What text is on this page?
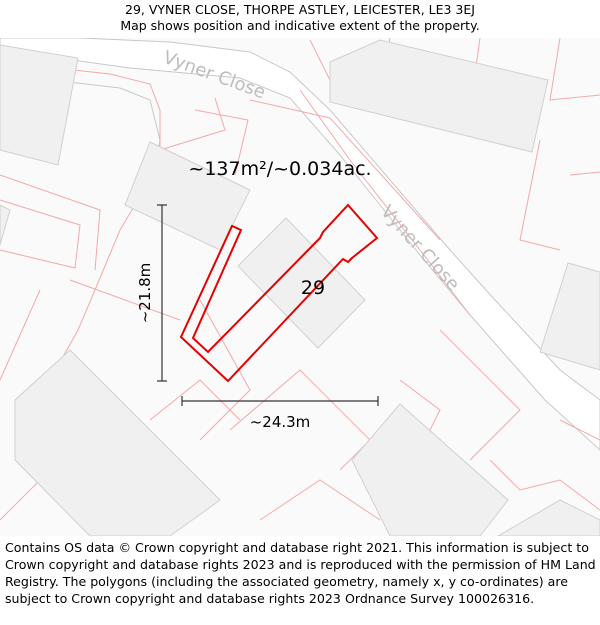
29, VYNER CLOSE, THORPE ASTLEY, LEICESTER, LE3 3EJ
Map shows position and indicative extent of the property.
Vyner Close
Vyner Close
~137m²/~0.034ac.
29
~21.8m
~24.3m
Contains OS data © Crown copyright and database right 2021. This information is subject to Crown copyright and database rights 2023 and is reproduced with the permission of HM Land Registry. The polygons (including the associated geometry, namely x, y co-ordinates) are subject to Crown copyright and database rights 2023 Ordnance Survey 100026316.
